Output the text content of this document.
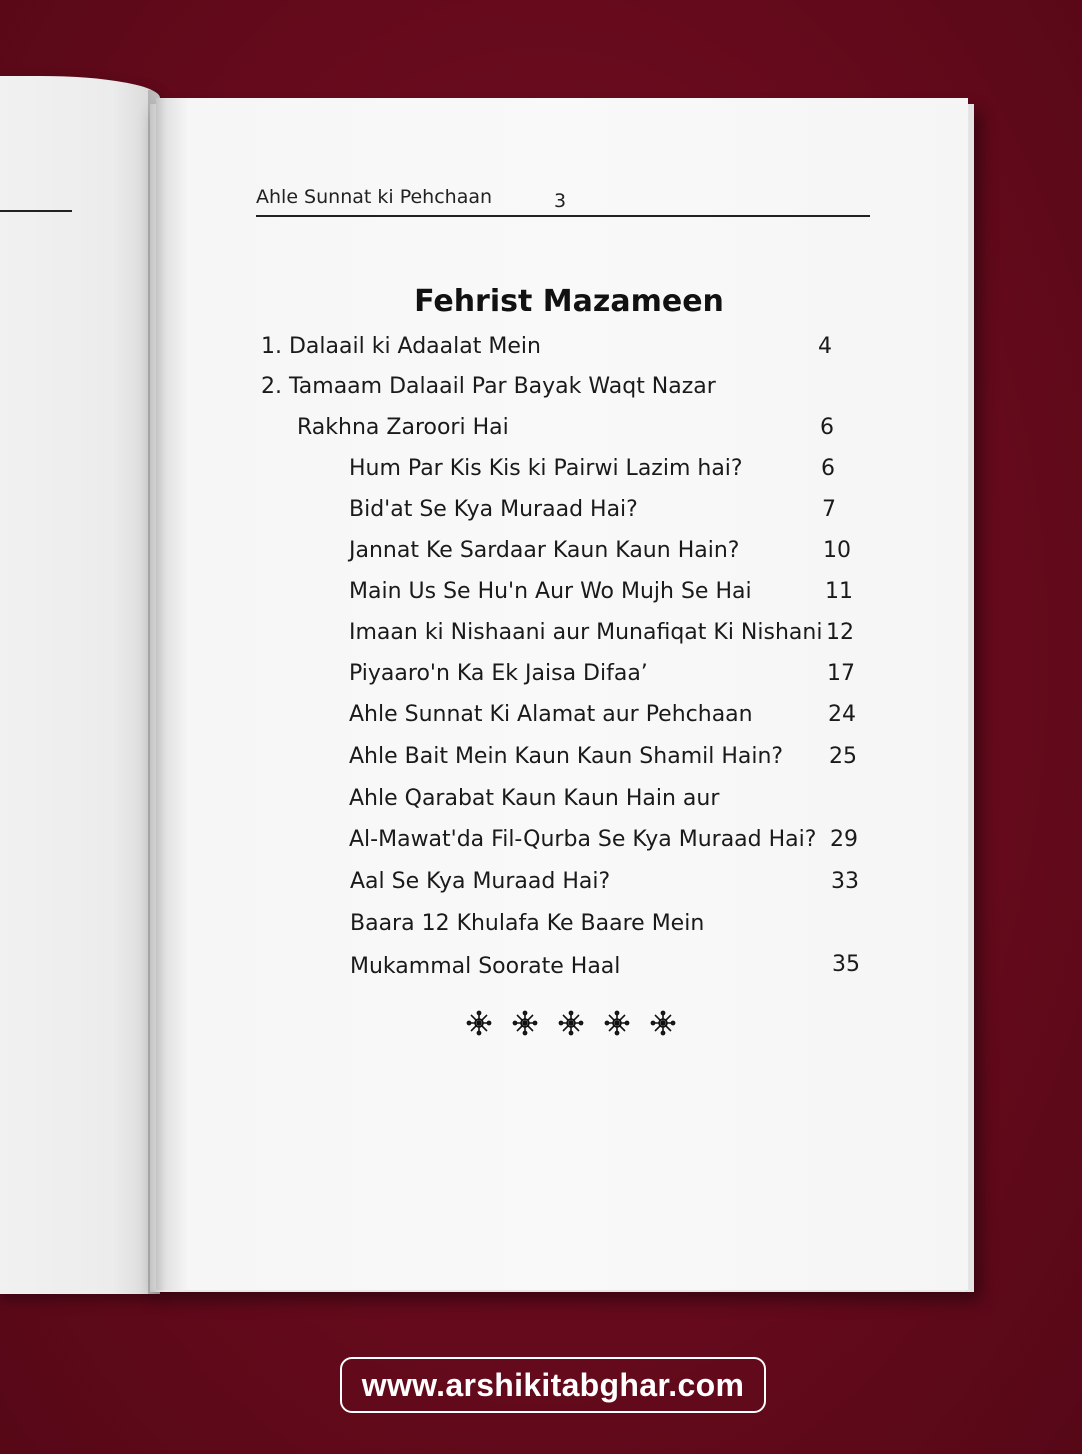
Ahle Sunnat ki Pehchaan	3
Fehrist Mazameen
1. Dalaail ki Adaalat Mein	4
2. Tamaam Dalaail Par Bayak Waqt Nazar
Rakhna Zaroori Hai	6
Hum Par Kis Kis ki Pairwi Lazim hai?	6
Bid'at Se Kya Muraad Hai?	7
Jannat Ke Sardaar Kaun Kaun Hain?	10
Main Us Se Hu'n Aur Wo Mujh Se Hai	11
Imaan ki Nishaani aur Munafiqat Ki Nishani 12
Piyaaro'n Ka Ek Jaisa Difaa’	17
Ahle Sunnat Ki Alamat aur Pehchaan	24
Ahle Bait Mein Kaun Kaun Shamil Hain? 25
Ahle Qarabat Kaun Kaun Hain aur
Al-Mawat'da Fil-Qurba Se Kya Muraad Hai? 29
Aal Se Kya Muraad Hai?	33
Baara 12 Khulafa Ke Baare Mein
Mukammal Soorate Haal	35
www.arshikitabghar.com
